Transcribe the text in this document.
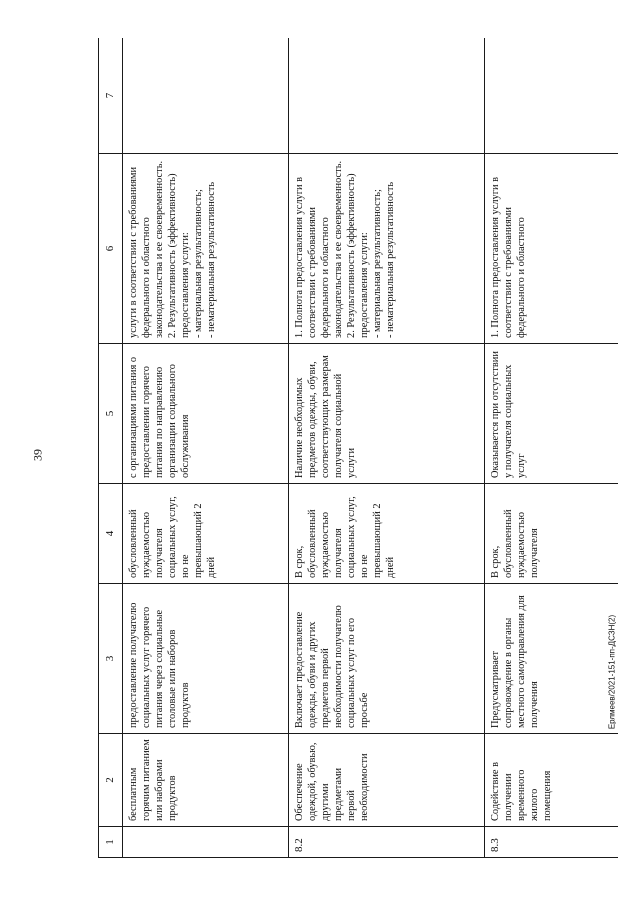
39
Ерлмеев/2021-151-пп-ДСЗН(2)
1	2	3	4	5	6	7
	бесплатным горячим питанием или наборами продуктов	предоставление получателю социальных услуг горячего питания через социальные столовые или наборов продуктов	обусловленный нуждаемостью получателя социальных услуг, но не превышающий 2 дней	с организациями питания о предоставлении горячего питания по направлению организации социального обслуживания	услуги в соответствии с требованиями федерального и областного законодательства и ее своевременность.
2. Результативность (эффективность) предоставления услуги:
- материальная результативность;
- нематериальная результативность	
8.2	Обеспечение одеждой, обувью, другими предметами первой необходимости	Включает предоставление одежды, обуви и других предметов первой необходимости получателю социальных услуг по его просьбе	В срок, обусловленный нуждаемостью получателя социальных услуг, но не превышающий 2 дней	Наличие необходимых предметов одежды, обуви, соответствующих размерам получателя социальной услуги	1. Полнота предоставления услуги в соответствии с требованиями федерального и областного законодательства и ее своевременность.
2. Результативность (эффективность) предоставления услуги:
- материальная результативность;
- нематериальная результативность	
8.3	Содействие в получении временного жилого помещения	Предусматривает сопровождение в органы местного самоуправления для получения	В срок, обусловленный нуждаемостью получателя	Оказывается при отсутствии у получателя социальных услуг	1. Полнота предоставления услуги в соответствии с требованиями федерального и областного	
